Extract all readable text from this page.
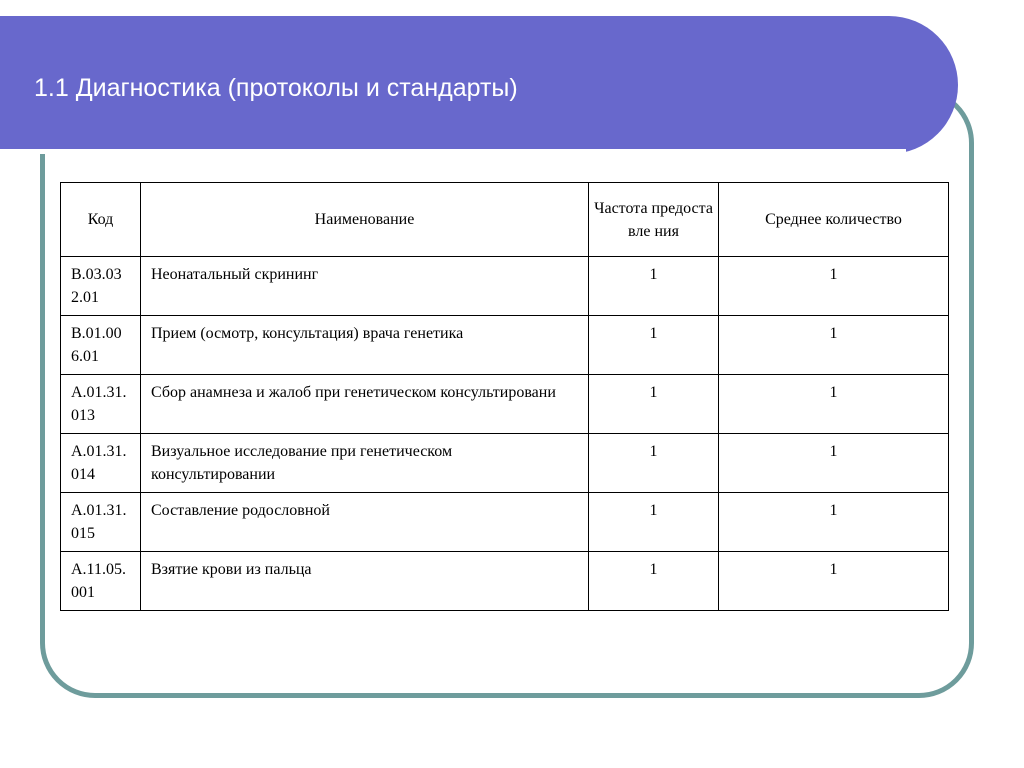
1.1 Диагностика (протоколы и стандарты)
Код	Наименование	Частота предоставле ния	Среднее количество
B.03.032.01	Неонатальный скрининг	1	1
B.01.006.01	Прием (осмотр, консультация) врача генетика	1	1
A.01.31.013	Сбор анамнеза и жалоб при генетическом консультировани	1	1
A.01.31.014	Визуальное исследование при генетическом консультировании	1	1
A.01.31.015	Составление родословной	1	1
A.11.05.001	Взятие крови из пальца	1	1
